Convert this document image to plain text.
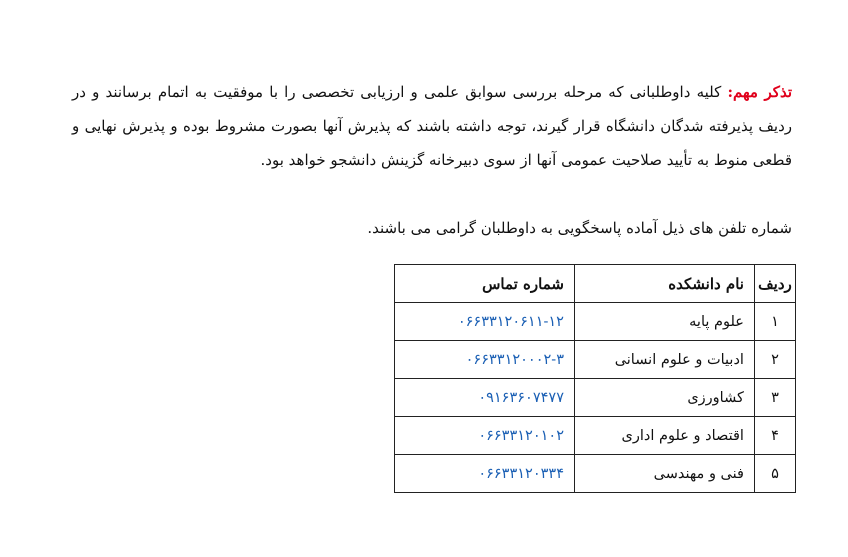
تذکر مهم: کلیه داوطلبانی که مرحله بررسی سوابق علمی و ارزیابی تخصصی را با موفقیت به اتمام برسانند و در ردیف پذیرفته شدگان دانشگاه قرار گیرند، توجه داشته باشند که پذیرش آنها بصورت مشروط بوده و پذیرش نهایی و قطعی منوط به تأیید صلاحیت عمومی آنها از سوی دبیرخانه گزینش دانشجو خواهد بود.

شماره تلفن های ذیل آماده پاسخگویی به داوطلبان گرامی می باشند.

ردیف	نام دانشکده	شماره تماس
۱	علوم پایه	۰۶۶۳۳۱۲۰۶۱۱-۱۲
۲	ادبیات و علوم انسانی	۰۶۶۳۳۱۲۰۰۰۲-۳
۳	کشاورزی	۰۹۱۶۳۶۰۷۴۷۷
۴	اقتصاد و علوم اداری	۰۶۶۳۳۱۲۰۱۰۲
۵	فنی و مهندسی	۰۶۶۳۳۱۲۰۳۳۴
